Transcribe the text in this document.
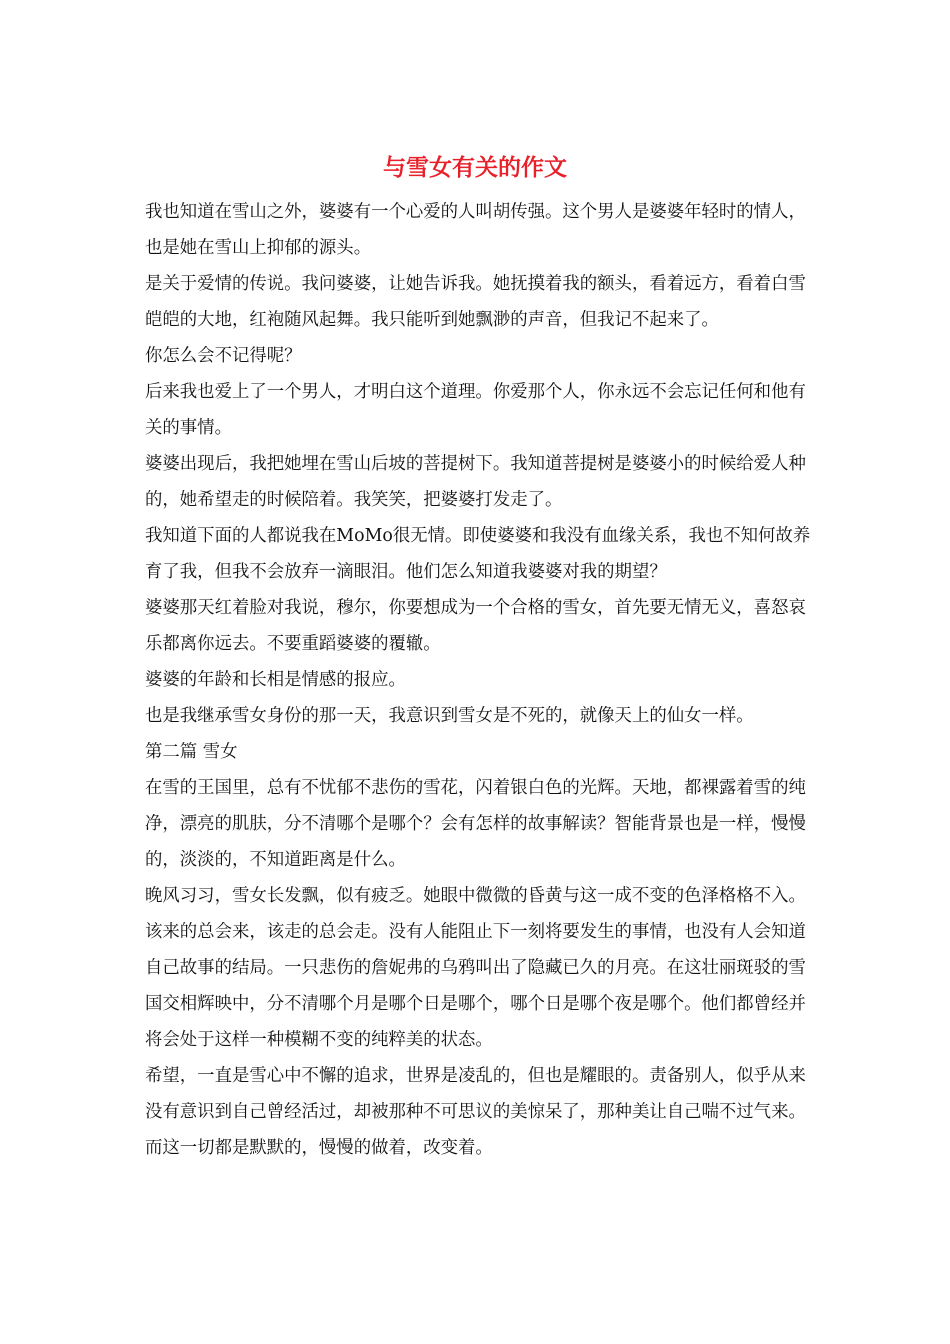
与雪女有关的作文

我也知道在雪山之外，婆婆有一个心爱的人叫胡传强。这个男人是婆婆年轻时的情人，也是她在雪山上抑郁的源头。

是关于爱情的传说。我问婆婆，让她告诉我。她抚摸着我的额头，看着远方，看着白雪皑皑的大地，红袍随风起舞。我只能听到她飘渺的声音，但我记不起来了。

你怎么会不记得呢？

后来我也爱上了一个男人，才明白这个道理。你爱那个人，你永远不会忘记任何和他有关的事情。

婆婆出现后，我把她埋在雪山后坡的菩提树下。我知道菩提树是婆婆小的时候给爱人种的，她希望走的时候陪着。我笑笑，把婆婆打发走了。

我知道下面的人都说我在MoMo很无情。即使婆婆和我没有血缘关系，我也不知何故养育了我，但我不会放弃一滴眼泪。他们怎么知道我婆婆对我的期望？

婆婆那天红着脸对我说，穆尔，你要想成为一个合格的雪女，首先要无情无义，喜怒哀乐都离你远去。不要重蹈婆婆的覆辙。

婆婆的年龄和长相是情感的报应。

也是我继承雪女身份的那一天，我意识到雪女是不死的，就像天上的仙女一样。

第二篇 雪女

在雪的王国里，总有不忧郁不悲伤的雪花，闪着银白色的光辉。天地，都裸露着雪的纯净，漂亮的肌肤，分不清哪个是哪个？会有怎样的故事解读？智能背景也是一样，慢慢的，淡淡的，不知道距离是什么。

晚风习习，雪女长发飘，似有疲乏。她眼中微微的昏黄与这一成不变的色泽格格不入。该来的总会来，该走的总会走。没有人能阻止下一刻将要发生的事情，也没有人会知道自己故事的结局。一只悲伤的詹妮弗的乌鸦叫出了隐藏已久的月亮。在这壮丽斑驳的雪国交相辉映中，分不清哪个月是哪个日是哪个，哪个日是哪个夜是哪个。他们都曾经并将会处于这样一种模糊不变的纯粹美的状态。

希望，一直是雪心中不懈的追求，世界是凌乱的，但也是耀眼的。责备别人，似乎从来没有意识到自己曾经活过，却被那种不可思议的美惊呆了，那种美让自己喘不过气来。而这一切都是默默的，慢慢的做着，改变着。
